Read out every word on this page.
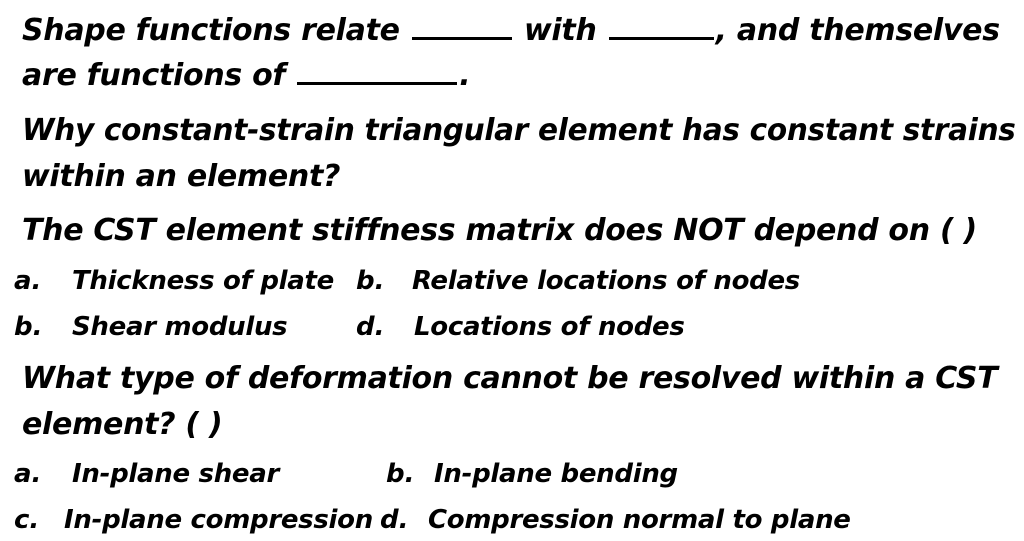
Shape functions relate	with	, and themselves
are functions of	.
Why constant-strain triangular element has constant strains
within an element?
The CST element stiffness matrix does NOT depend on ( )
a. Thickness of plate b. Relative locations of nodes
b. Shear modulus	d. Locations of nodes
What type of deformation cannot be resolved within a CST
element? ( )
a. In-plane shear	b. In-plane bending
c. In-plane compression d. Compression normal to plane
